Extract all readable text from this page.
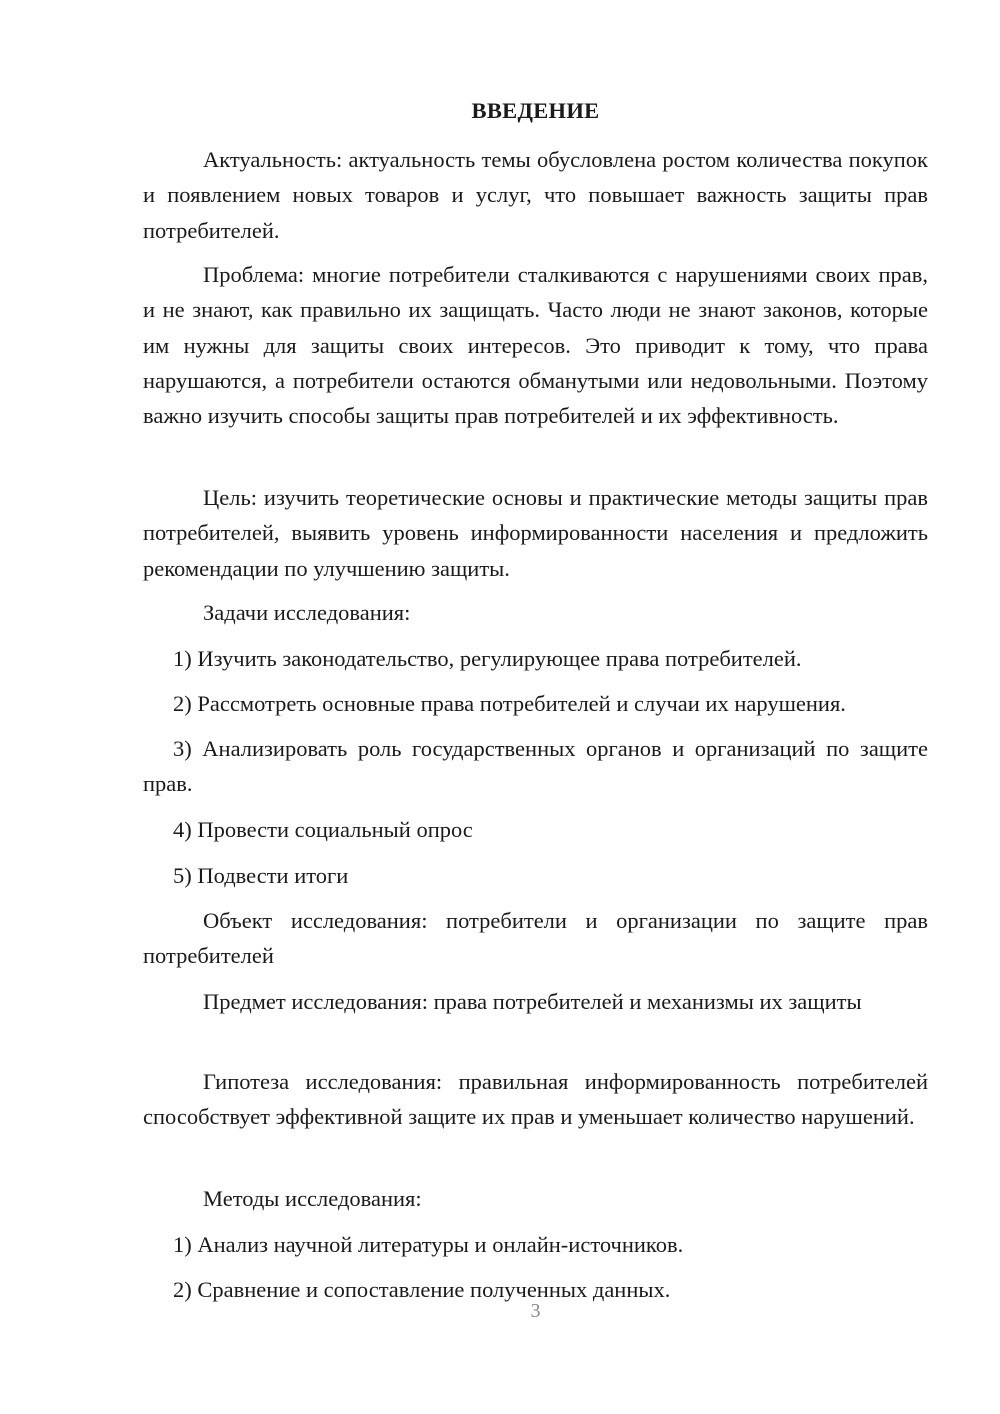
ВВЕДЕНИЕ

Актуальность: актуальность темы обусловлена ростом количества покупок и появлением новых товаров и услуг, что повышает важность защиты прав потребителей.

Проблема: многие потребители сталкиваются с нарушениями своих прав, и не знают, как правильно их защищать. Часто люди не знают законов, которые им нужны для защиты своих интересов. Это приводит к тому, что права нарушаются, а потребители остаются обманутыми или недовольными. Поэтому важно изучить способы защиты прав потребителей и их эффективность.

Цель: изучить теоретические основы и практические методы защиты прав потребителей, выявить уровень информированности населения и предложить рекомендации по улучшению защиты.

Задачи исследования:

1) Изучить законодательство, регулирующее права потребителей.

2) Рассмотреть основные права потребителей и случаи их нарушения.

3) Анализировать роль государственных органов и организаций по защите прав.

4) Провести социальный опрос

5) Подвести итоги

Объект исследования: потребители и организации по защите прав потребителей

Предмет исследования: права потребителей и механизмы их защиты

Гипотеза исследования: правильная информированность потребителей способствует эффективной защите их прав и уменьшает количество нарушений.

Методы исследования:

1) Анализ научной литературы и онлайн-источников.

2) Сравнение и сопоставление полученных данных.

3
